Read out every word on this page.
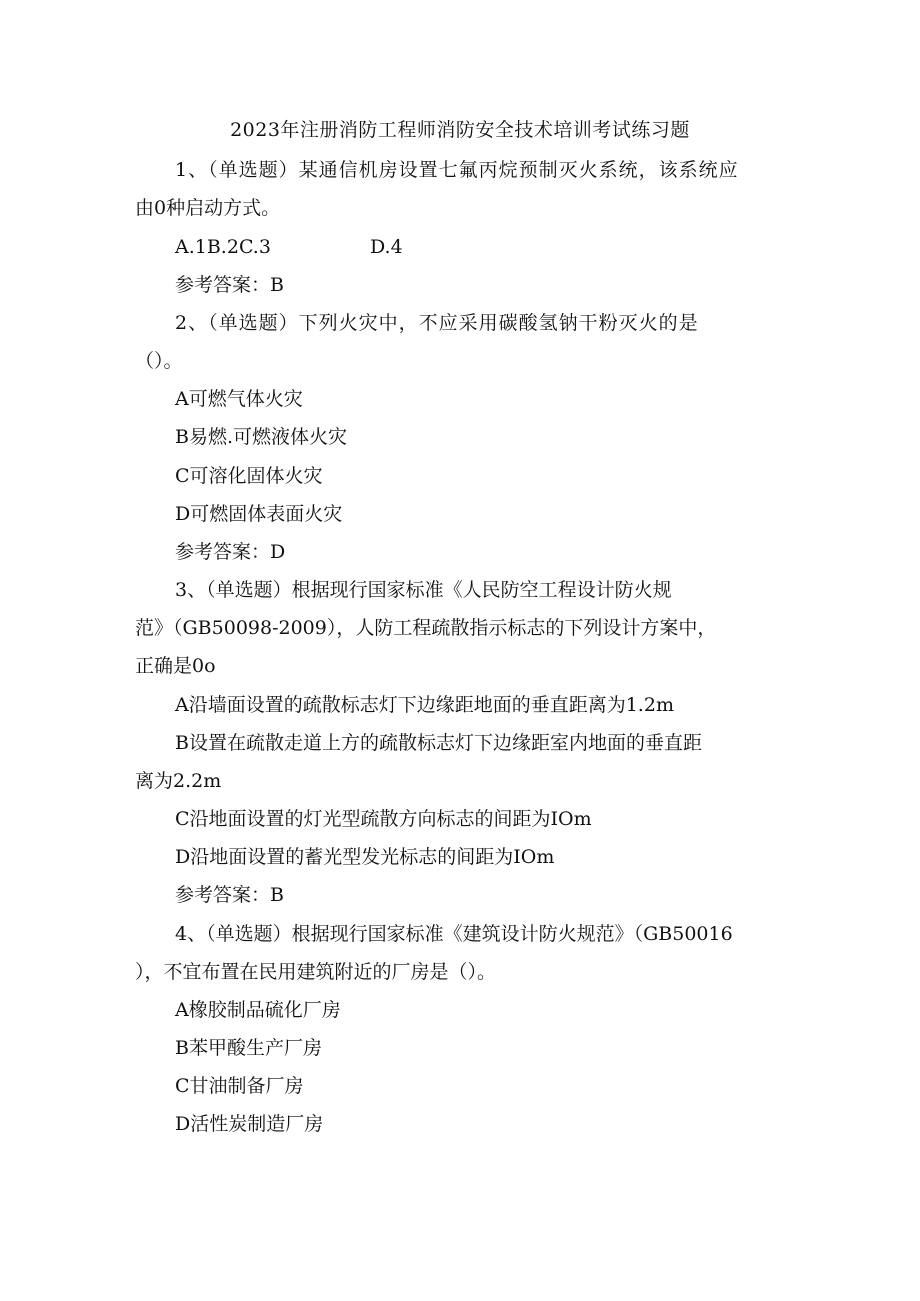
2023年注册消防工程师消防安全技术培训考试练习题
1、（单选题）某通信机房设置七氟丙烷预制灭火系统，该系统应
由0种启动方式。
A.1B.2C.3	D.4
参考答案：B
2、（单选题）下列火灾中，不应采用碳酸氢钠干粉灭火的是
（）。
A可燃气体火灾
B易燃.可燃液体火灾
C可溶化固体火灾
D可燃固体表面火灾
参考答案：D
3、（单选题）根据现行国家标准《人民防空工程设计防火规
范》（GB50098-2009），人防工程疏散指示标志的下列设计方案中，
正确是0o
A沿墙面设置的疏散标志灯下边缘距地面的垂直距离为1.2m
B设置在疏散走道上方的疏散标志灯下边缘距室内地面的垂直距
离为2.2m
C沿地面设置的灯光型疏散方向标志的间距为IOm
D沿地面设置的蓄光型发光标志的间距为IOm
参考答案：B
4、（单选题）根据现行国家标准《建筑设计防火规范》（GB50016
），不宜布置在民用建筑附近的厂房是（）。
A橡胶制品硫化厂房
B苯甲酸生产厂房
C甘油制备厂房
D活性炭制造厂房
